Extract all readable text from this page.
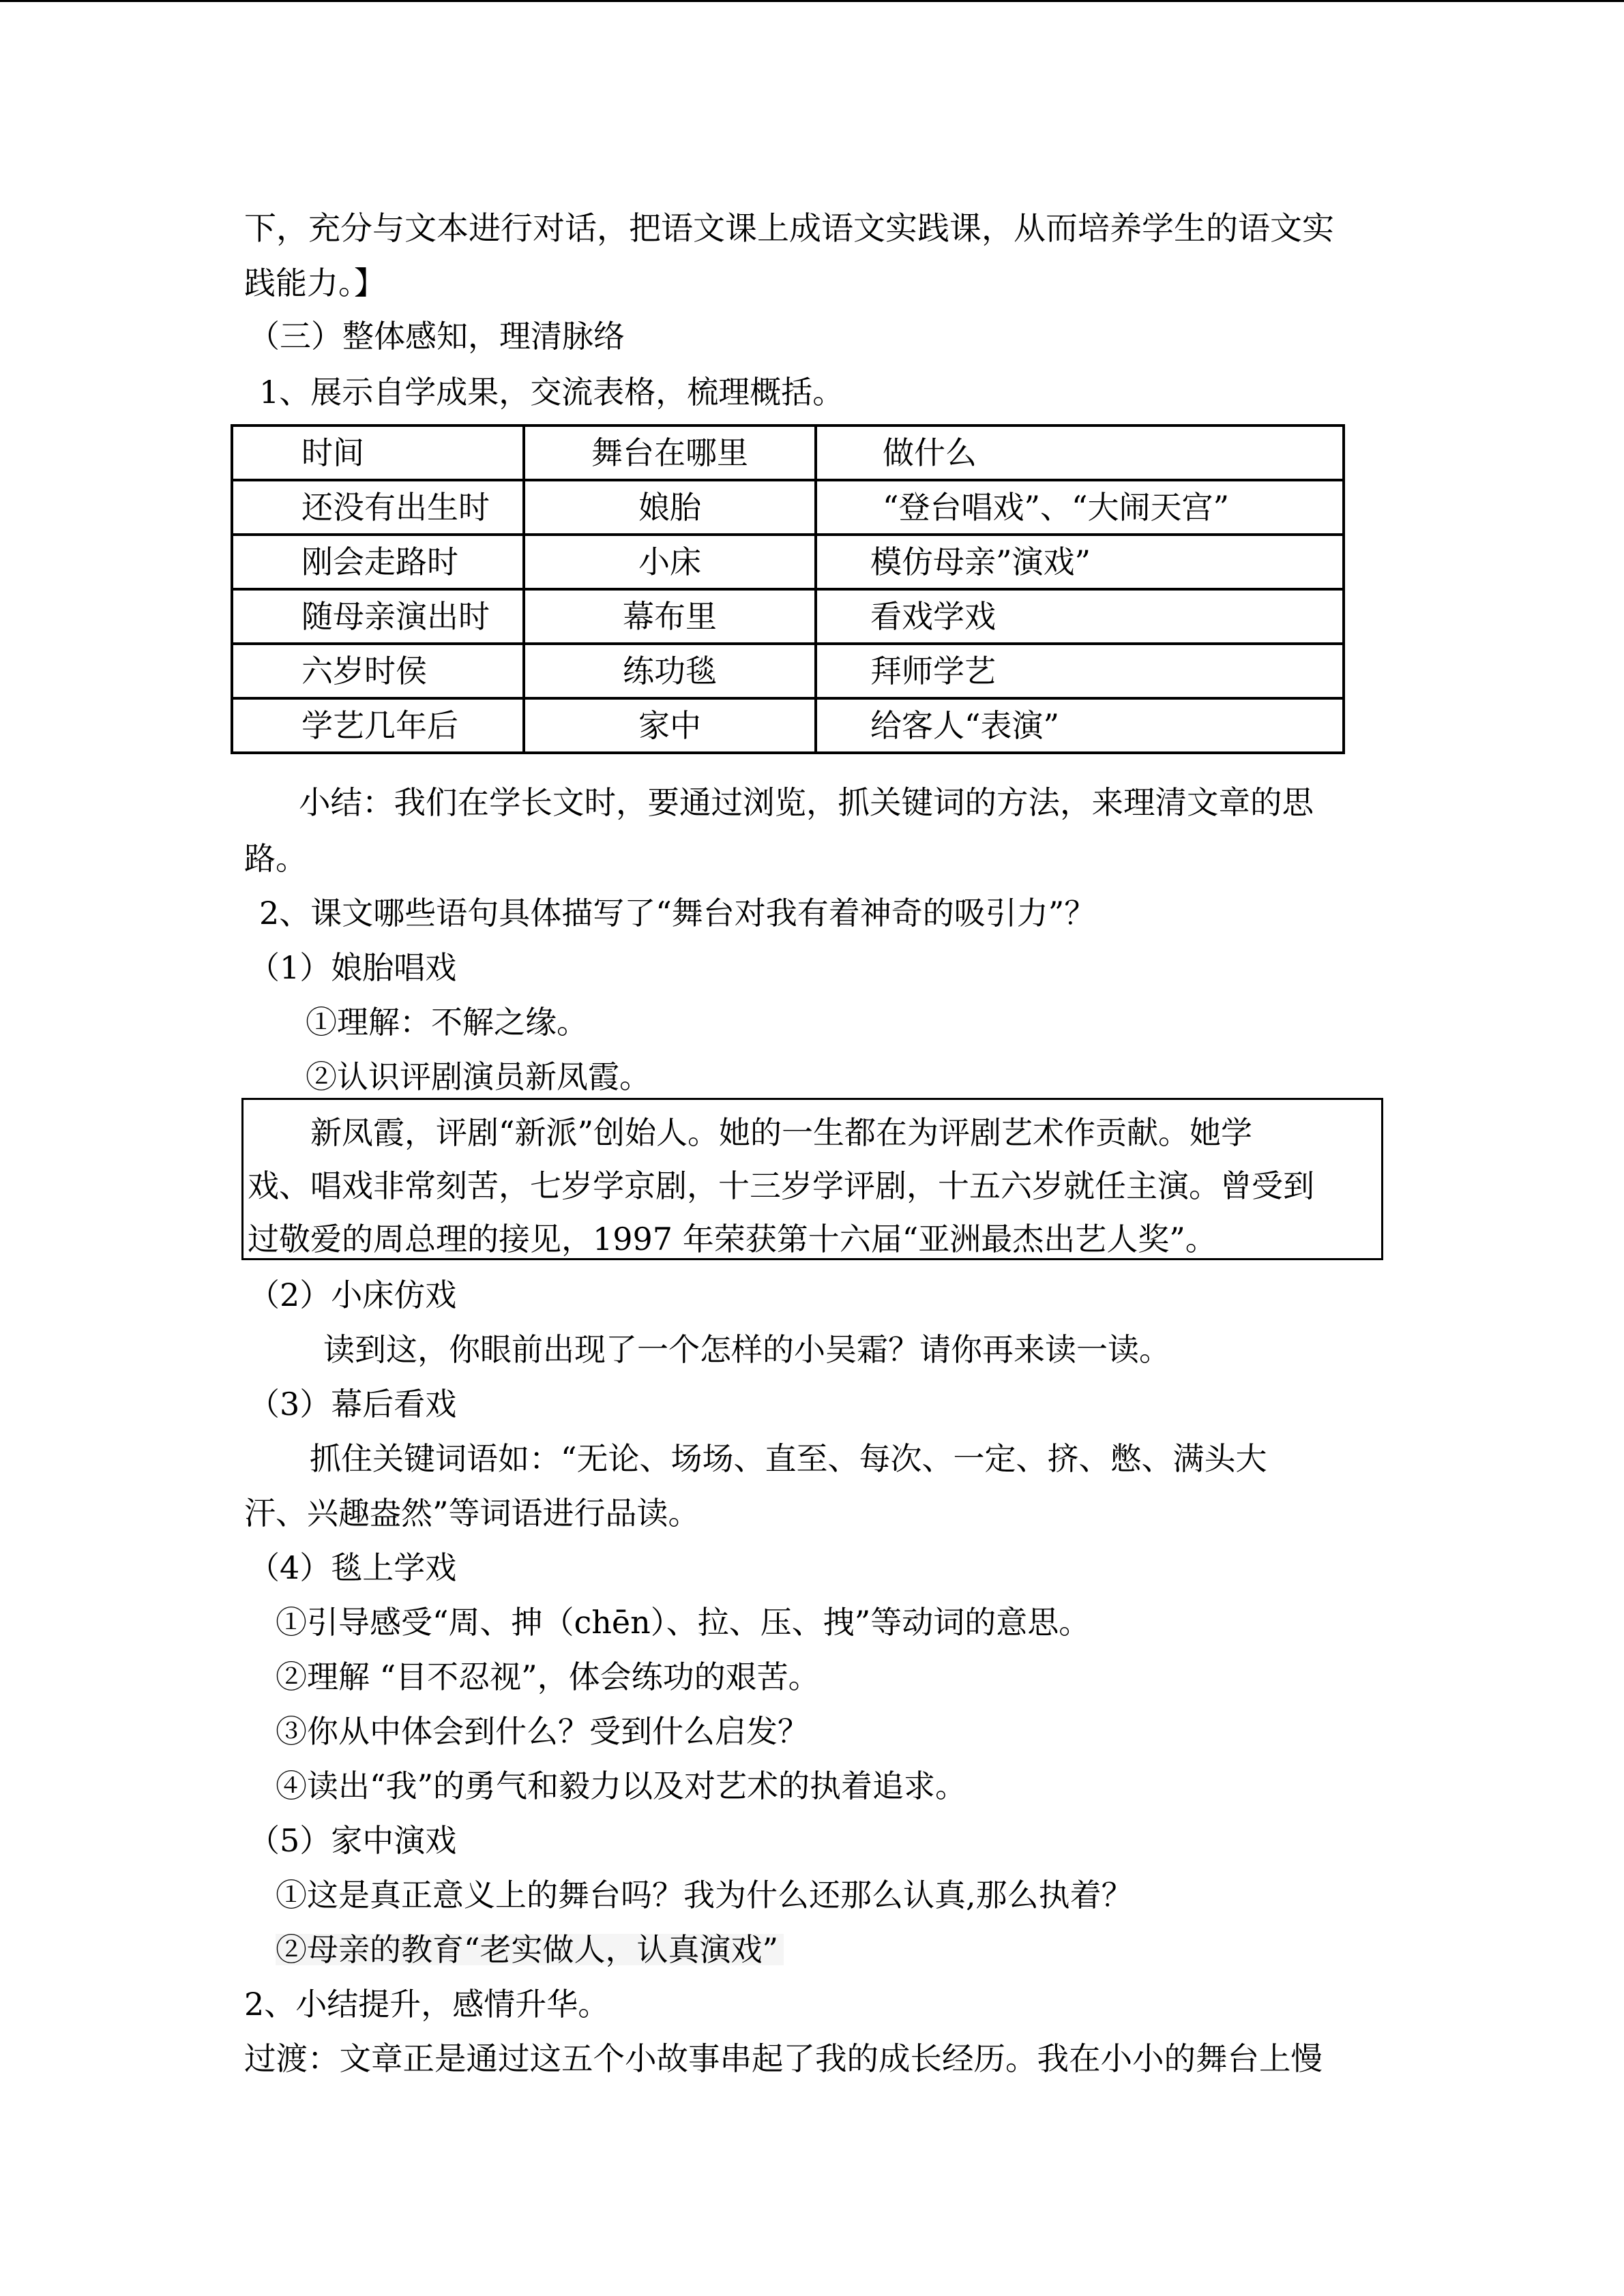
下，充分与文本进行对话，把语文课上成语文实践课，从而培养学生的语文实
践能力。】
（三）整体感知，理清脉络
1、展示自学成果，交流表格，梳理概括。
时间	舞台在哪里	做什么
还没有出生时	娘胎	“登台唱戏”、“大闹天宫”
刚会走路时	小床	模仿母亲”演戏”
随母亲演出时	幕布里	看戏学戏
六岁时侯	练功毯	拜师学艺
学艺几年后	家中	给客人“表演”
小结：我们在学长文时，要通过浏览，抓关键词的方法，来理清文章的思
路。
2、课文哪些语句具体描写了“舞台对我有着神奇的吸引力”？
（1）娘胎唱戏
①理解：不解之缘。
②认识评剧演员新凤霞。
新凤霞，评剧“新派”创始人。她的一生都在为评剧艺术作贡献。她学
戏、唱戏非常刻苦，七岁学京剧，十三岁学评剧，十五六岁就任主演。曾受到
过敬爱的周总理的接见，1997 年荣获第十六届“亚洲最杰出艺人奖”。
（2）小床仿戏
读到这，你眼前出现了一个怎样的小吴霜？请你再来读一读。
（3）幕后看戏
抓住关键词语如：“无论、场场、直至、每次、一定、挤、憋、满头大
汗、兴趣盎然”等词语进行品读。
（4）毯上学戏
①引导感受“周、抻（chēn）、拉、压、拽”等动词的意思。
②理解 “目不忍视”，体会练功的艰苦。
③你从中体会到什么？受到什么启发？
④读出“我”的勇气和毅力以及对艺术的执着追求。
（5）家中演戏
①这是真正意义上的舞台吗？我为什么还那么认真,那么执着？
②母亲的教育“老实做人，认真演戏”
2、小结提升，感情升华。
过渡：文章正是通过这五个小故事串起了我的成长经历。我在小小的舞台上慢
